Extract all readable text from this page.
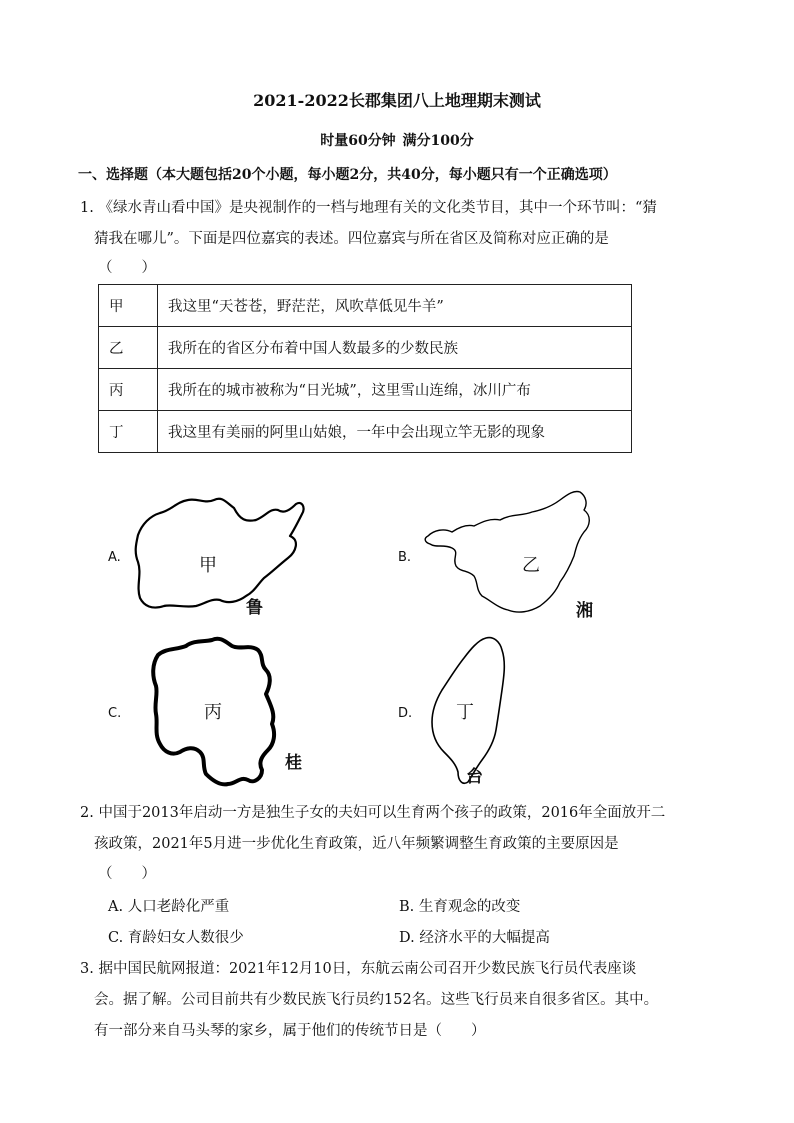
2021-2022长郡集团八上地理期末测试
时量60分钟 满分100分
一、选择题（本大题包括20个小题，每小题2分，共40分，每小题只有一个正确选项）
1. 《绿水青山看中国》是央视制作的一档与地理有关的文化类节目，其中一个环节叫：“猜
猜我在哪儿”。下面是四位嘉宾的表述。四位嘉宾与所在省区及简称对应正确的是
（　　）
甲	我这里“天苍苍，野茫茫，风吹草低见牛羊”
乙	我所在的省区分布着中国人数最多的少数民族
丙	我所在的城市被称为“日光城”，这里雪山连绵，冰川广布
丁	我这里有美丽的阿里山姑娘，一年中会出现立竿无影的现象
A.	甲
鲁
B.	乙
湘
C.	丙
桂
D. 丁
台
2. 中国于2013年启动一方是独生子女的夫妇可以生育两个孩子的政策，2016年全面放开二
孩政策，2021年5月进一步优化生育政策，近八年频繁调整生育政策的主要原因是
（　　）
A. 人口老龄化严重	B. 生育观念的改变
C. 育龄妇女人数很少	D. 经济水平的大幅提高
3. 据中国民航网报道：2021年12月10日，东航云南公司召开少数民族飞行员代表座谈
会。据了解。公司目前共有少数民族飞行员约152名。这些飞行员来自很多省区。其中。
有一部分来自马头琴的家乡，属于他们的传统节日是（　　）
